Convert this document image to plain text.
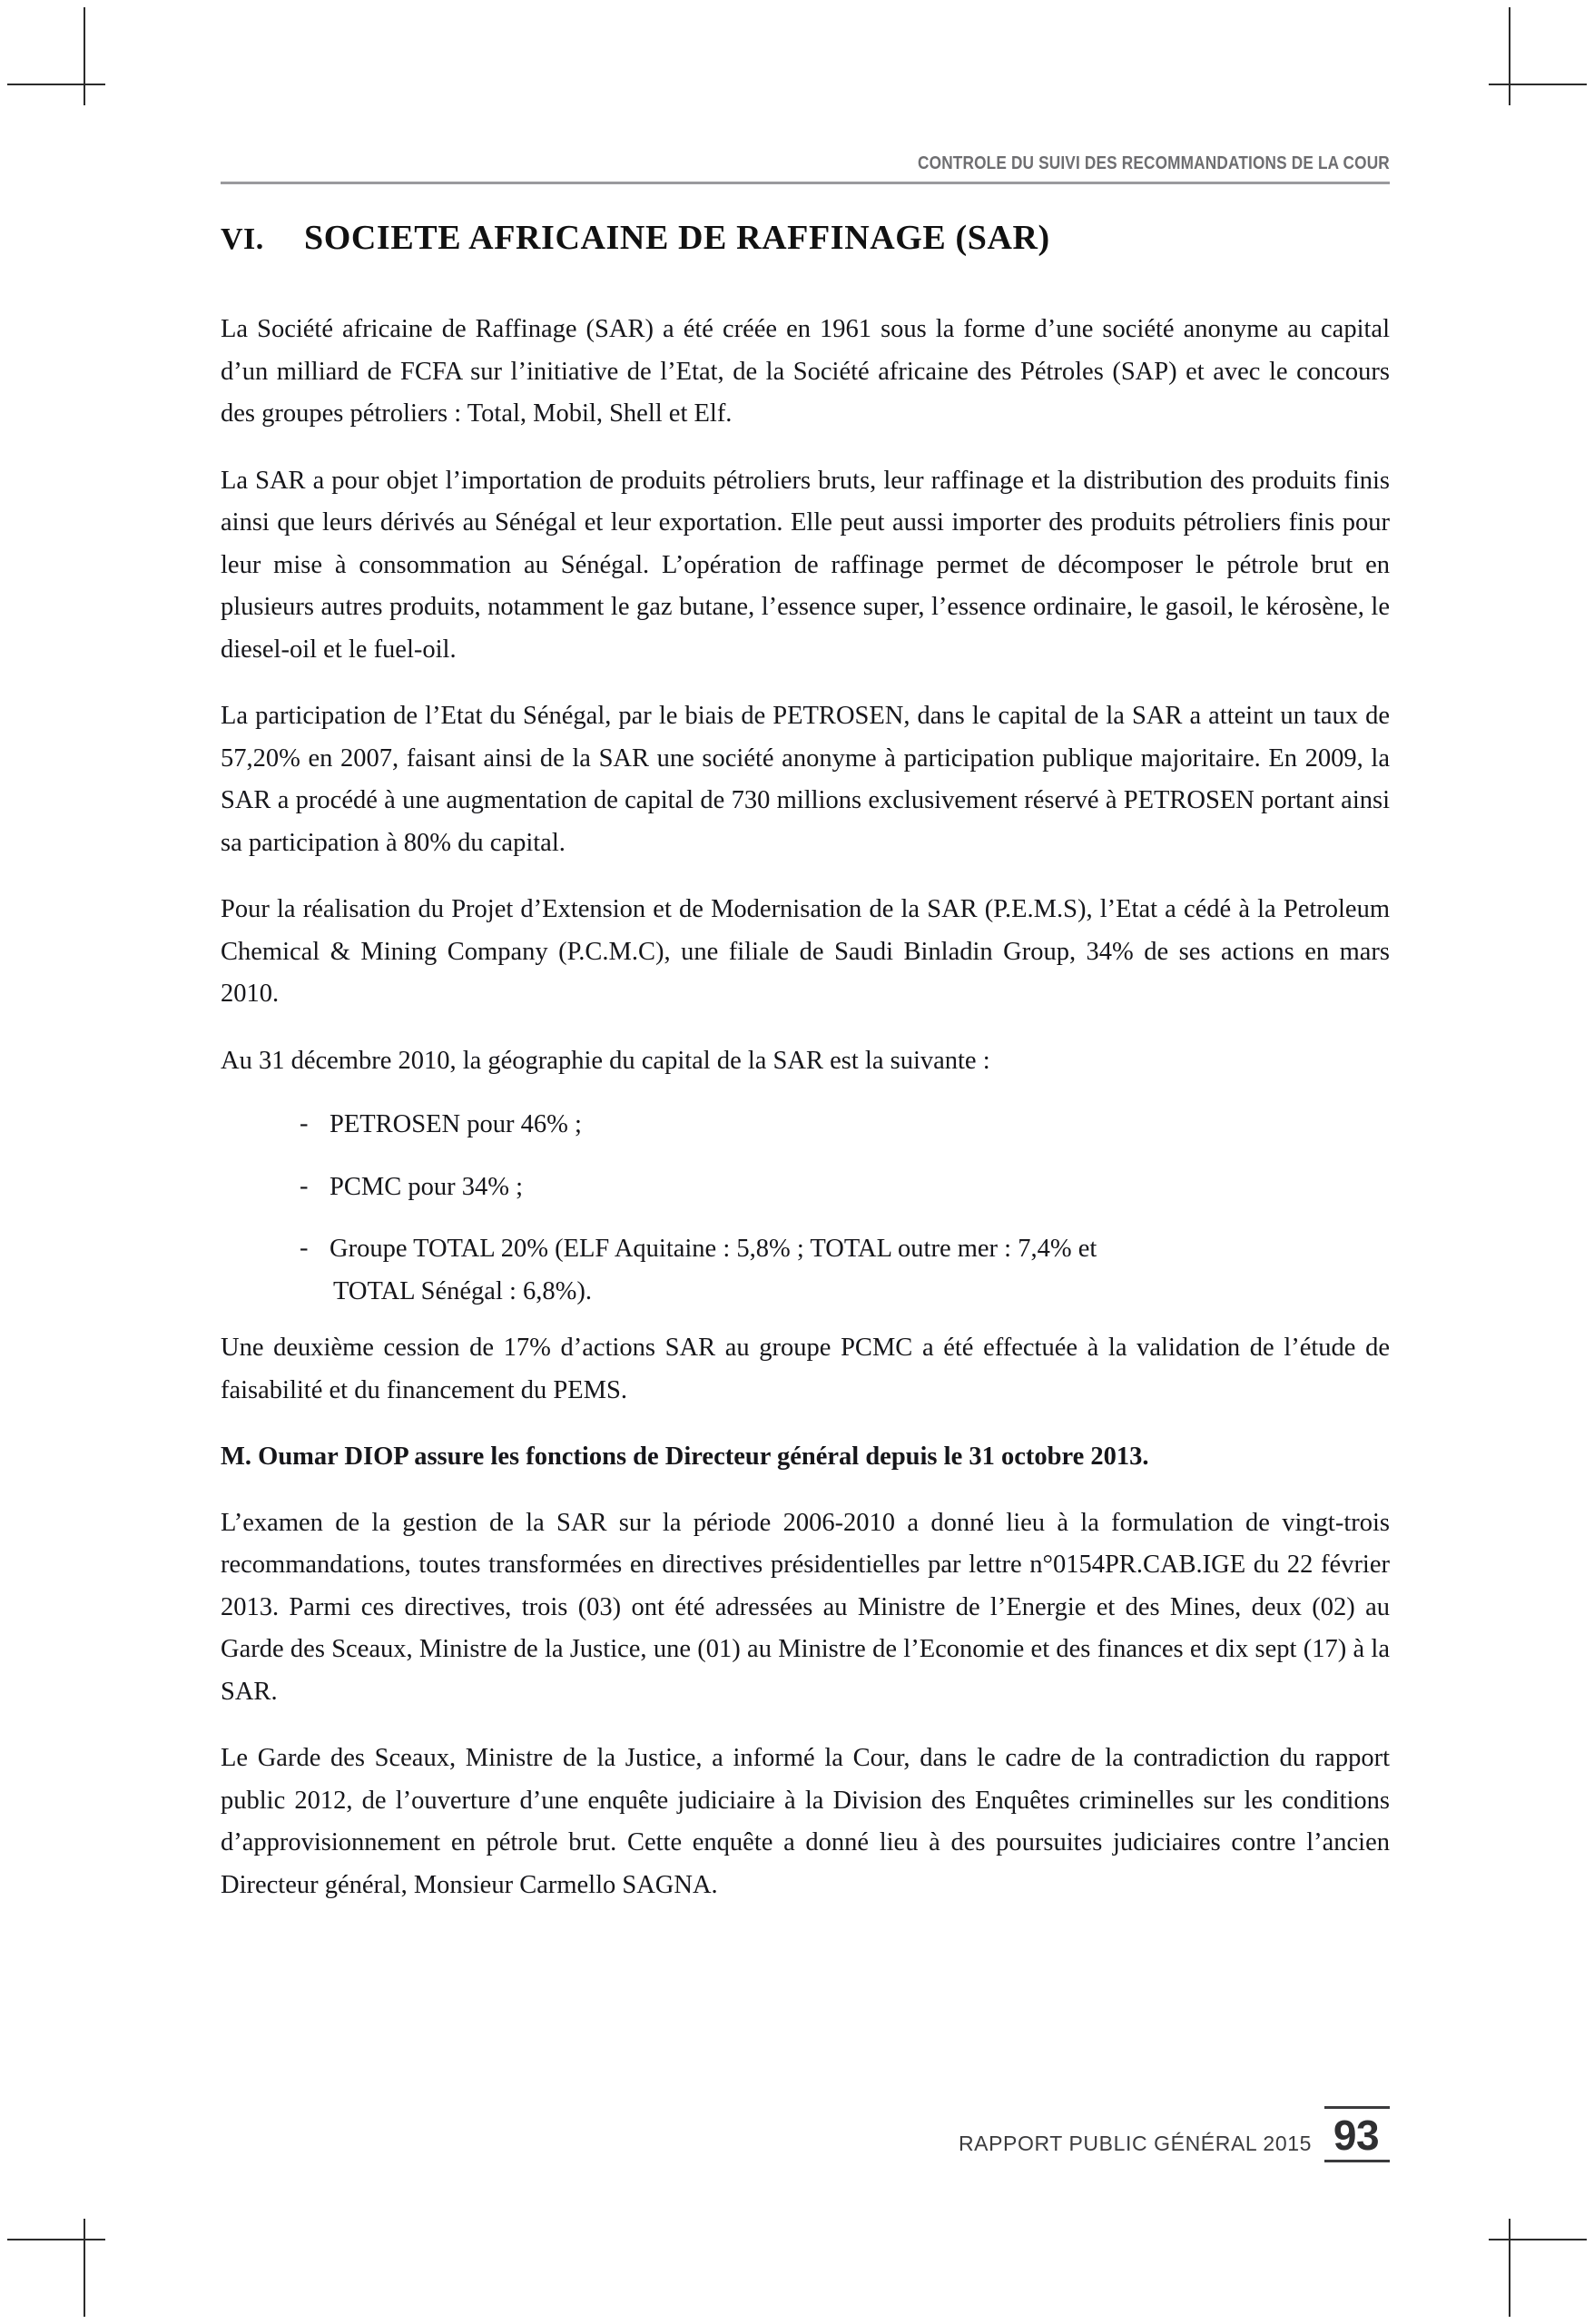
CONTROLE DU SUIVI DES RECOMMANDATIONS DE LA COUR
VI.	SOCIETE AFRICAINE DE RAFFINAGE (SAR)

La Société africaine de Raffinage (SAR) a été créée en 1961 sous la forme d’une société anonyme au capital d’un milliard de FCFA sur l’initiative de l’Etat, de la Société africaine des Pétroles (SAP) et avec le concours des groupes pétroliers : Total, Mobil, Shell et Elf.

La SAR a pour objet l’importation de produits pétroliers bruts, leur raffinage et la distribution des produits finis ainsi que leurs dérivés au Sénégal et leur exportation. Elle peut aussi importer des produits pétroliers finis pour leur mise à consommation au Sénégal. L’opération de raffinage permet de décomposer le pétrole brut en plusieurs autres produits, notamment le gaz butane, l’essence super, l’essence ordinaire, le gasoil, le kérosène, le diesel-oil et le fuel-oil.

La participation de l’Etat du Sénégal, par le biais de PETROSEN, dans le capital de la SAR a atteint un taux de 57,20% en 2007, faisant ainsi de la SAR une société anonyme à participation publique majoritaire. En 2009, la SAR a procédé à une augmentation de capital de 730 millions exclusivement réservé à PETROSEN portant ainsi sa participation à 80% du capital.

Pour la réalisation du Projet d’Extension et de Modernisation de la SAR (P.E.M.S), l’Etat a cédé à la Petroleum Chemical & Mining Company (P.C.M.C), une filiale de Saudi Binladin Group, 34% de ses actions en mars 2010.

Au 31 décembre 2010, la géographie du capital de la SAR est la suivante :

- PETROSEN pour 46% ;
- PCMC pour 34% ;
- Groupe TOTAL 20% (ELF Aquitaine : 5,8% ; TOTAL outre mer : 7,4% et
TOTAL Sénégal : 6,8%).

Une deuxième cession de 17% d’actions SAR au groupe PCMC a été effectuée à la validation de l’étude de faisabilité et du financement du PEMS.

M. Oumar DIOP assure les fonctions de Directeur général depuis le 31 octobre 2013.

L’examen de la gestion de la SAR sur la période 2006-2010 a donné lieu à la formulation de vingt-trois recommandations, toutes transformées en directives présidentielles par lettre n°0154PR.CAB.IGE du 22 février 2013. Parmi ces directives, trois (03) ont été adressées au Ministre de l’Energie et des Mines, deux (02) au Garde des Sceaux, Ministre de la Justice, une (01) au Ministre de l’Economie et des finances et dix sept (17) à la SAR.

Le Garde des Sceaux, Ministre de la Justice, a informé la Cour, dans le cadre de la contradiction du rapport public 2012, de l’ouverture d’une enquête judiciaire à la Division des Enquêtes criminelles sur les conditions d’approvisionnement en pétrole brut. Cette enquête a donné lieu à des poursuites judiciaires contre l’ancien Directeur général, Monsieur Carmello SAGNA.

RAPPORT PUBLIC GÉNÉRAL 2015 93
